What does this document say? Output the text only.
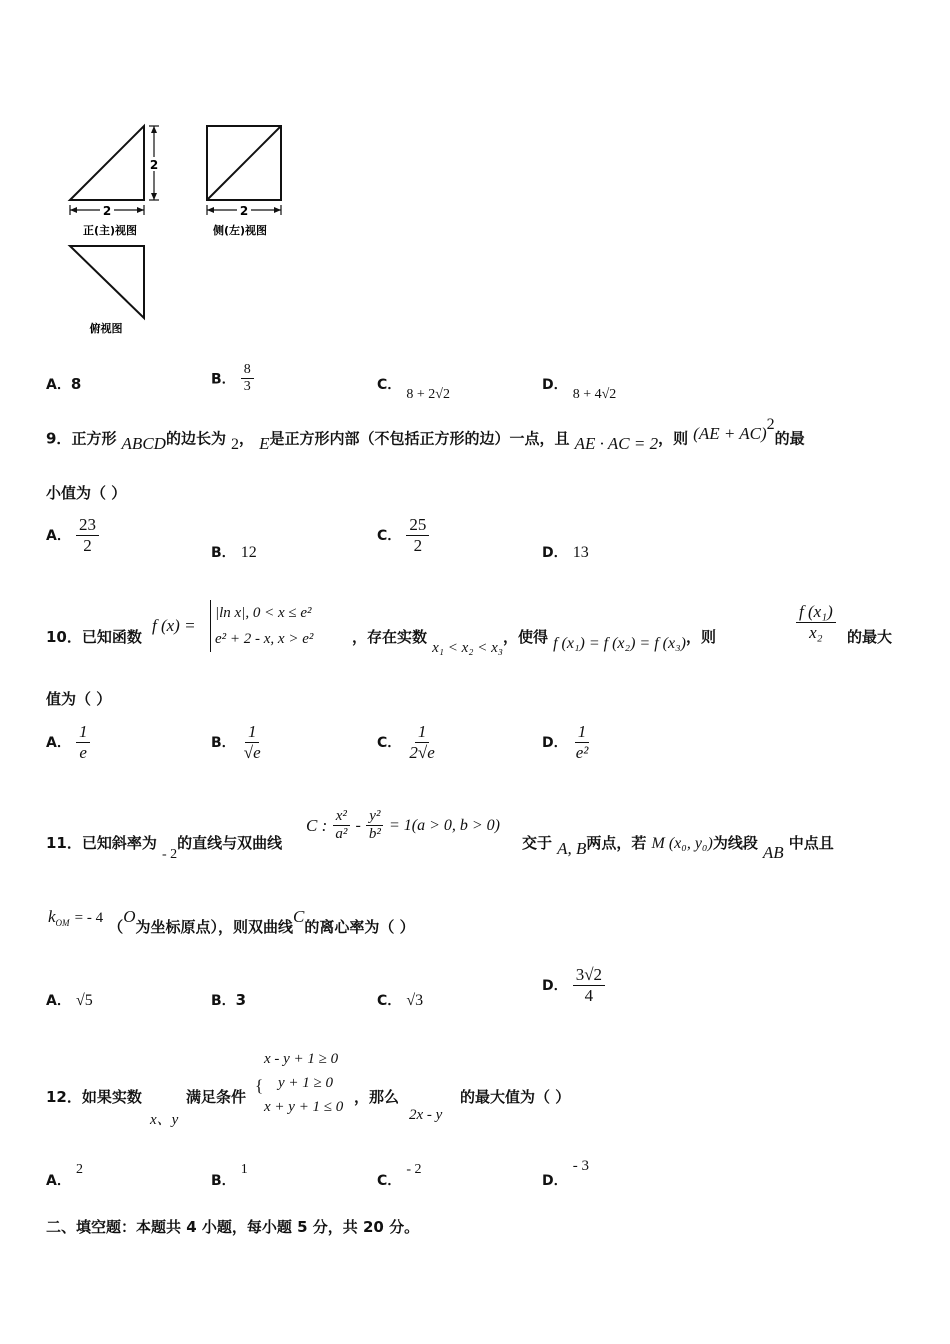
2
2
正(主)视图
2
侧(左)视图
俯视图
A．8	B． $\frac{8}{3}$	C． 8 + 2√2
D． 8 + 4√2
9．正方形 ABCD的边长为 2， E是正方形内部（不包括正方形的边）一点，且 AE · AC = 2，则 (AE + AC)$^2$的最
小值为（ ）
A． $\frac{23}{2}$	B． 12
C． $\frac{25}{2}$	D． 13
10．已知函数
f (x) =
|ln x|, 0 < x ≤ e²
e² + 2 - x, x > e²	，存在实数 x₁ < x₂ < x₃，使得 f (x₁) = f (x₂) = f (x₃)，则	$\frac{\text{f (x₁)}}{\text{x₂}}$ 的最大
值为（ ）
A． $\frac{1}{e}$	B． $\frac{1}{√e}$	C． $\frac{1}{2√e}$	D． $\frac{1}{\text{e²}}$
11．已知斜率为 - 2的直线与双曲线
C : $\frac{\text{x²}}{\text{a²}} - \frac{\text{y²}}{\text{b²}} = 1(a > 0$, b > 0)
交于 A, B两点，若 M (x₀, y₀)为线段 AB 中点且
$k_{OM}$ = - 4 （O为坐标原点），则双曲线C的离心率为（ ）
A． √5	B．3	C． √3
D． $\frac{3√2}{4}$
12．如果实数
x、y
满足条件
{
x - y + 1 ≥ 0
y + 1 ≥ 0
x + y + 1 ≤ 0
，那么
2x - y
的最大值为（ ）
A． 2
B． 1
C． - 2
D． - 3
二、填空题：本题共 4 小题，每小题 5 分，共 20 分。
